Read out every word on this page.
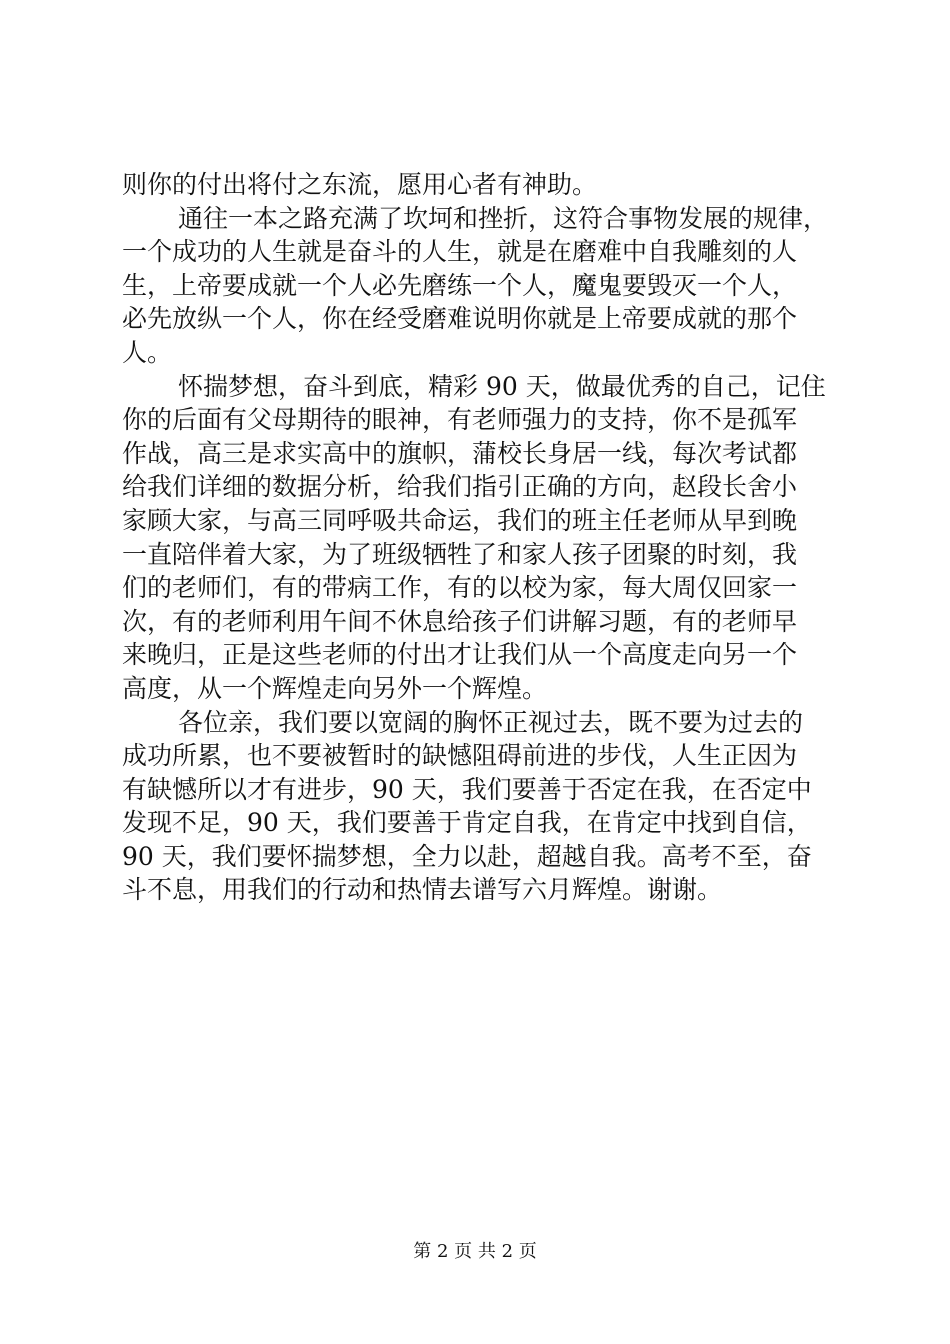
则你的付出将付之东流，愿用心者有神助。
通往一本之路充满了坎坷和挫折，这符合事物发展的规律，
一个成功的人生就是奋斗的人生，就是在磨难中自我雕刻的人
生，上帝要成就一个人必先磨练一个人，魔鬼要毁灭一个人，
必先放纵一个人，你在经受磨难说明你就是上帝要成就的那个
人。
怀揣梦想，奋斗到底，精彩 90 天，做最优秀的自己，记住
你的后面有父母期待的眼神，有老师强力的支持，你不是孤军
作战，高三是求实高中的旗帜，蒲校长身居一线，每次考试都
给我们详细的数据分析，给我们指引正确的方向，赵段长舍小
家顾大家，与高三同呼吸共命运，我们的班主任老师从早到晚
一直陪伴着大家，为了班级牺牲了和家人孩子团聚的时刻，我
们的老师们，有的带病工作，有的以校为家，每大周仅回家一
次，有的老师利用午间不休息给孩子们讲解习题，有的老师早
来晚归，正是这些老师的付出才让我们从一个高度走向另一个
高度，从一个辉煌走向另外一个辉煌。
各位亲，我们要以宽阔的胸怀正视过去，既不要为过去的
成功所累，也不要被暂时的缺憾阻碍前进的步伐，人生正因为
有缺憾所以才有进步，90 天，我们要善于否定在我，在否定中
发现不足，90 天，我们要善于肯定自我，在肯定中找到自信，
90 天，我们要怀揣梦想，全力以赴，超越自我。高考不至，奋
斗不息，用我们的行动和热情去谱写六月辉煌。谢谢。
第 2 页 共 2 页
